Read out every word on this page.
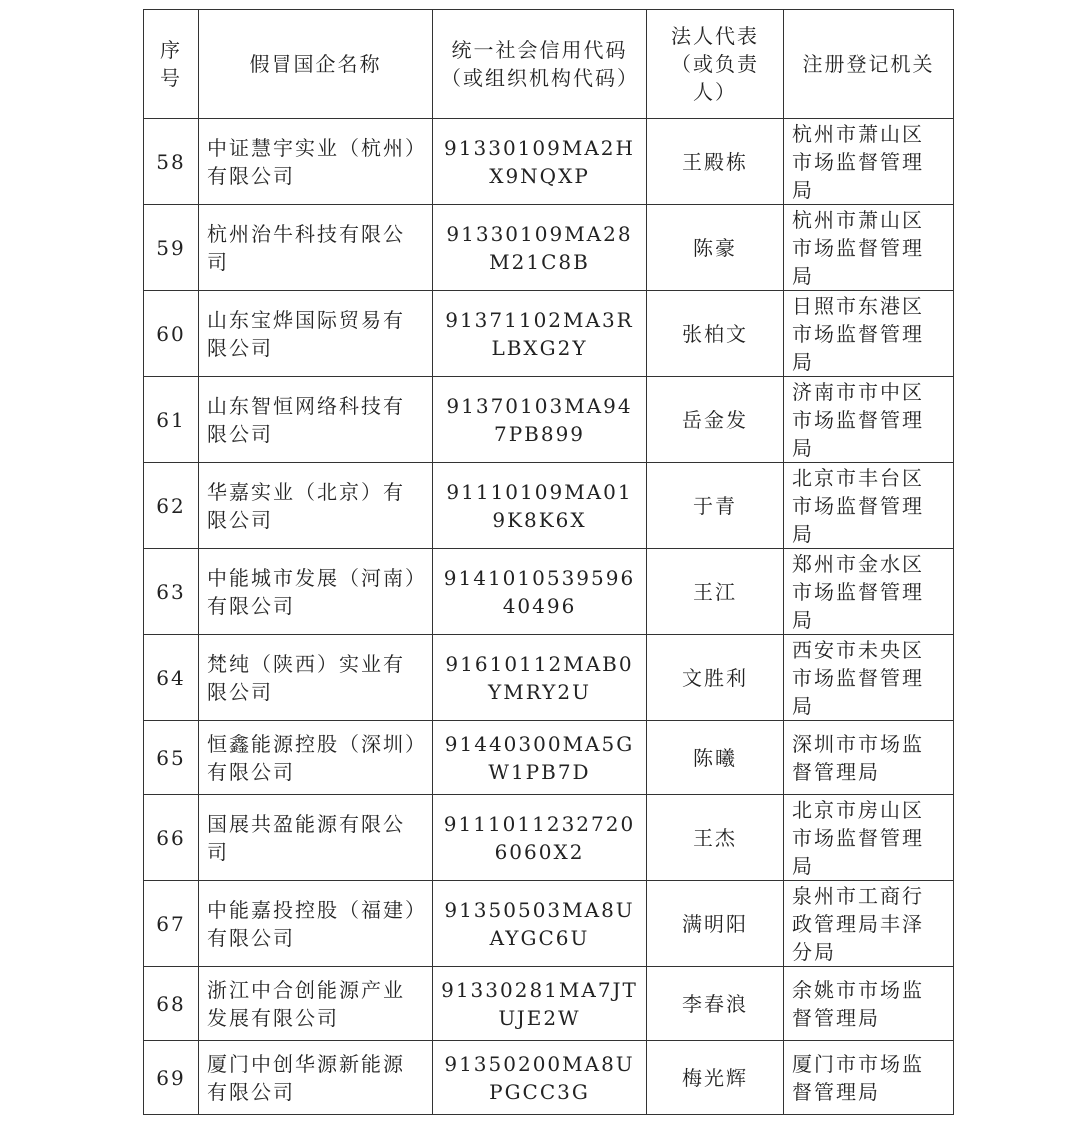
序号	假冒国企名称	统一社会信用代码（或组织机构代码）	法人代表（或负责人）	注册登记机关
58	中证慧宇实业（杭州）有限公司	91330109MA2HX9NQXP	王殿栋	杭州市萧山区市场监督管理局
59	杭州治牛科技有限公司	91330109MA28M21C8B	陈豪	杭州市萧山区市场监督管理局
60	山东宝烨国际贸易有限公司	91371102MA3RLBXG2Y	张柏文	日照市东港区市场监督管理局
61	山东智恒网络科技有限公司	91370103MA947PB899	岳金发	济南市市中区市场监督管理局
62	华嘉实业（北京）有限公司	91110109MA019K8K6X	于青	北京市丰台区市场监督管理局
63	中能城市发展（河南）有限公司	914101053959640496	王江	郑州市金水区市场监督管理局
64	梵纯（陕西）实业有限公司	91610112MAB0YMRY2U	文胜利	西安市未央区市场监督管理局
65	恒鑫能源控股（深圳）有限公司	91440300MA5GW1PB7D	陈曦	深圳市市场监督管理局
66	国展共盈能源有限公司	91110112327206060X2	王杰	北京市房山区市场监督管理局
67	中能嘉投控股（福建）有限公司	91350503MA8UAYGC6U	满明阳	泉州市工商行政管理局丰泽分局
68	浙江中合创能源产业发展有限公司	91330281MA7JTUJE2W	李春浪	余姚市市场监督管理局
69	厦门中创华源新能源有限公司	91350200MA8UPGCC3G	梅光辉	厦门市市场监督管理局
